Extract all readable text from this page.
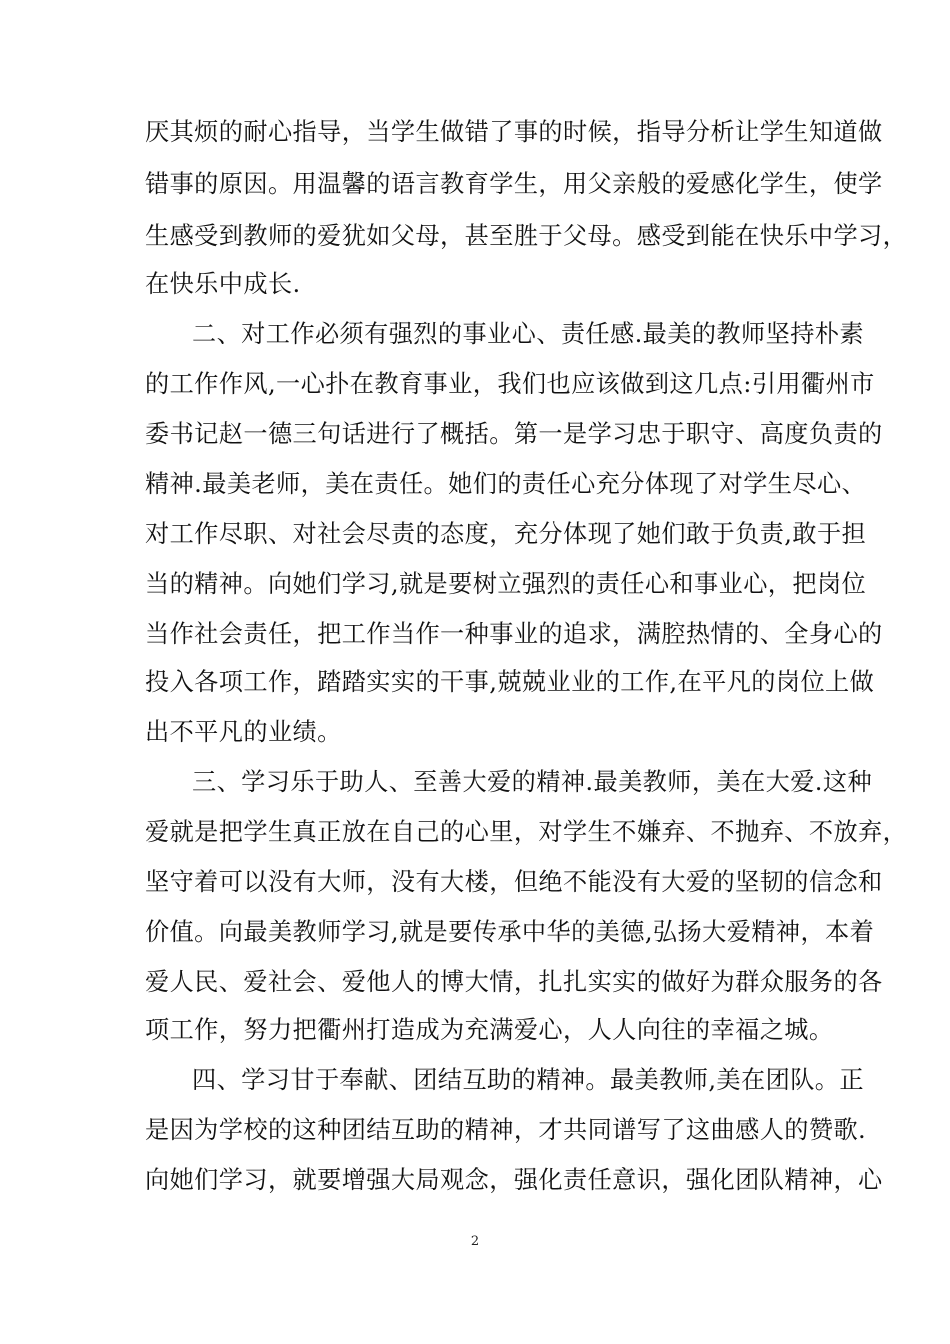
厌其烦的耐心指导，当学生做错了事的时候，指导分析让学生知道做
错事的原因。用温馨的语言教育学生，用父亲般的爱感化学生，使学
生感受到教师的爱犹如父母，甚至胜于父母。感受到能在快乐中学习，
在快乐中成长.
二、对工作必须有强烈的事业心、责任感.最美的教师坚持朴素
的工作作风,一心扑在教育事业，我们也应该做到这几点:引用衢州市
委书记赵一德三句话进行了概括。第一是学习忠于职守、高度负责的
精神.最美老师，美在责任。她们的责任心充分体现了对学生尽心、
对工作尽职、对社会尽责的态度，充分体现了她们敢于负责,敢于担
当的精神。向她们学习,就是要树立强烈的责任心和事业心，把岗位
当作社会责任，把工作当作一种事业的追求，满腔热情的、全身心的
投入各项工作，踏踏实实的干事,兢兢业业的工作,在平凡的岗位上做
出不平凡的业绩。
三、学习乐于助人、至善大爱的精神.最美教师，美在大爱.这种
爱就是把学生真正放在自己的心里，对学生不嫌弃、不抛弃、不放弃，
坚守着可以没有大师，没有大楼，但绝不能没有大爱的坚韧的信念和
价值。向最美教师学习,就是要传承中华的美德,弘扬大爱精神，本着
爱人民、爱社会、爱他人的博大情，扎扎实实的做好为群众服务的各
项工作，努力把衢州打造成为充满爱心，人人向往的幸福之城。
四、学习甘于奉献、团结互助的精神。最美教师,美在团队。正
是因为学校的这种团结互助的精神，才共同谱写了这曲感人的赞歌.
向她们学习，就要增强大局观念，强化责任意识，强化团队精神，心
2
